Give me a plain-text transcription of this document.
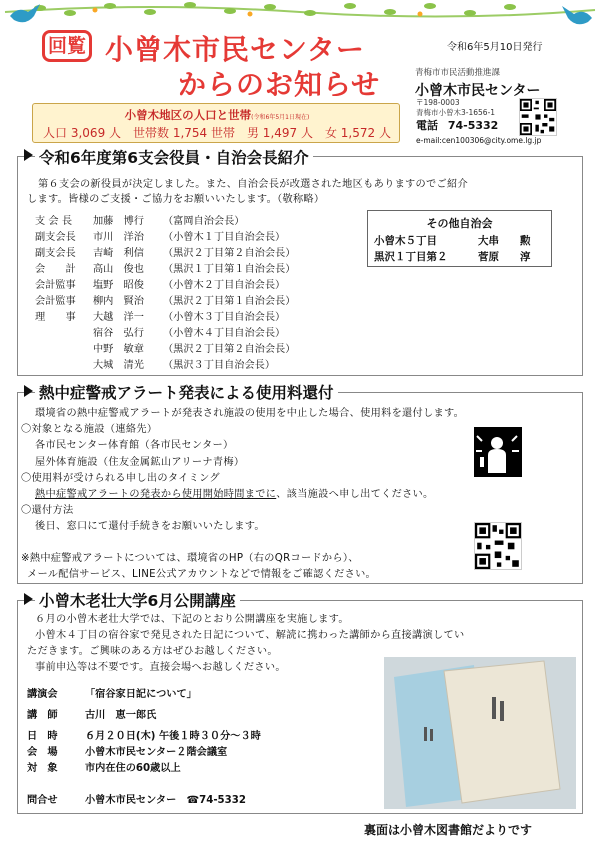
回覧 小曾木市民センター
からのお知らせ
令和6年5月10日発行
青梅市市民活動推進課
小曾木市民センター
〒198-0003
青梅市小曾木3-1656-1
電話 74-5332
e-mail:cen100306@city.ome.lg.jp
小曾木地区の人口と世帯(令和6年5月1日現在)
人口 3,069 人　世帯数 1,754 世帯　男 1,497 人　女 1,572 人
令和6年度第6支会役員・自治会長紹介
第６支会の新役員が決定しました。また、自治会長が改選された地区もありますのでご紹介
します。皆様のご支援・ご協力をお願いいたします。（敬称略）
支 会 長 加藤　博行 （富岡自治会長）
副支会長 市川　洋治 （小曾木１丁目自治会長）
副支会長 吉崎　利信 （黒沢２丁目第２自治会長）
会　　計 高山　俊也 （黒沢１丁目第１自治会長）
会計監事 塩野　昭俊 （小曾木２丁目自治会長）
会計監事 柳内　賢治 （黒沢２丁目第１自治会長）
理　　事 大越　洋一 （小曾木３丁目自治会長）
宿谷　弘行 （小曾木４丁目自治会長）
中野　敏章 （黒沢２丁目第２自治会長）
大城　清光 （黒沢３丁目自治会長）
その他自治会
小曾木５丁目	大串　　勲
黒沢１丁目第２	菅原　　淳
熱中症警戒アラート発表による使用料還付
環境省の熱中症警戒アラートが発表され施設の使用を中止した場合、使用料を還付します。
〇対象となる施設（連絡先）
各市民センター体育館（各市民センター）
屋外体育施設（住友金属鉱山アリーナ青梅）
〇使用料が受けられる申し出のタイミング
熱中症警戒アラートの発表から使用開始時間までに、該当施設へ申し出てください。
〇還付方法
後日、窓口にて還付手続きをお願いいたします。
※熱中症警戒アラートについては、環境省のHP（右のQRコードから）、
メール配信サービス、LINE公式アカウントなどで情報をご確認ください。
小曾木老壮大学6月公開講座
６月の小曾木老壮大学では、下記のとおり公開講座を実施します。
小曾木４丁目の宿谷家で発見された日記について、解読に携わった講師から直接講演してい
ただきます。ご興味のある方はぜひお越しください。
事前申込等は不要です。直接会場へお越しください。
講演会	「宿谷家日記について」
講　師	古川　恵一郎氏
日　時	６月２０日(木) 午後１時３０分～３時
会　場	小曾木市民センター２階会議室
対　象	市内在住の60歳以上
問合せ	小曾木市民センター　☎74-5332
裏面は小曾木図書館だよりです
